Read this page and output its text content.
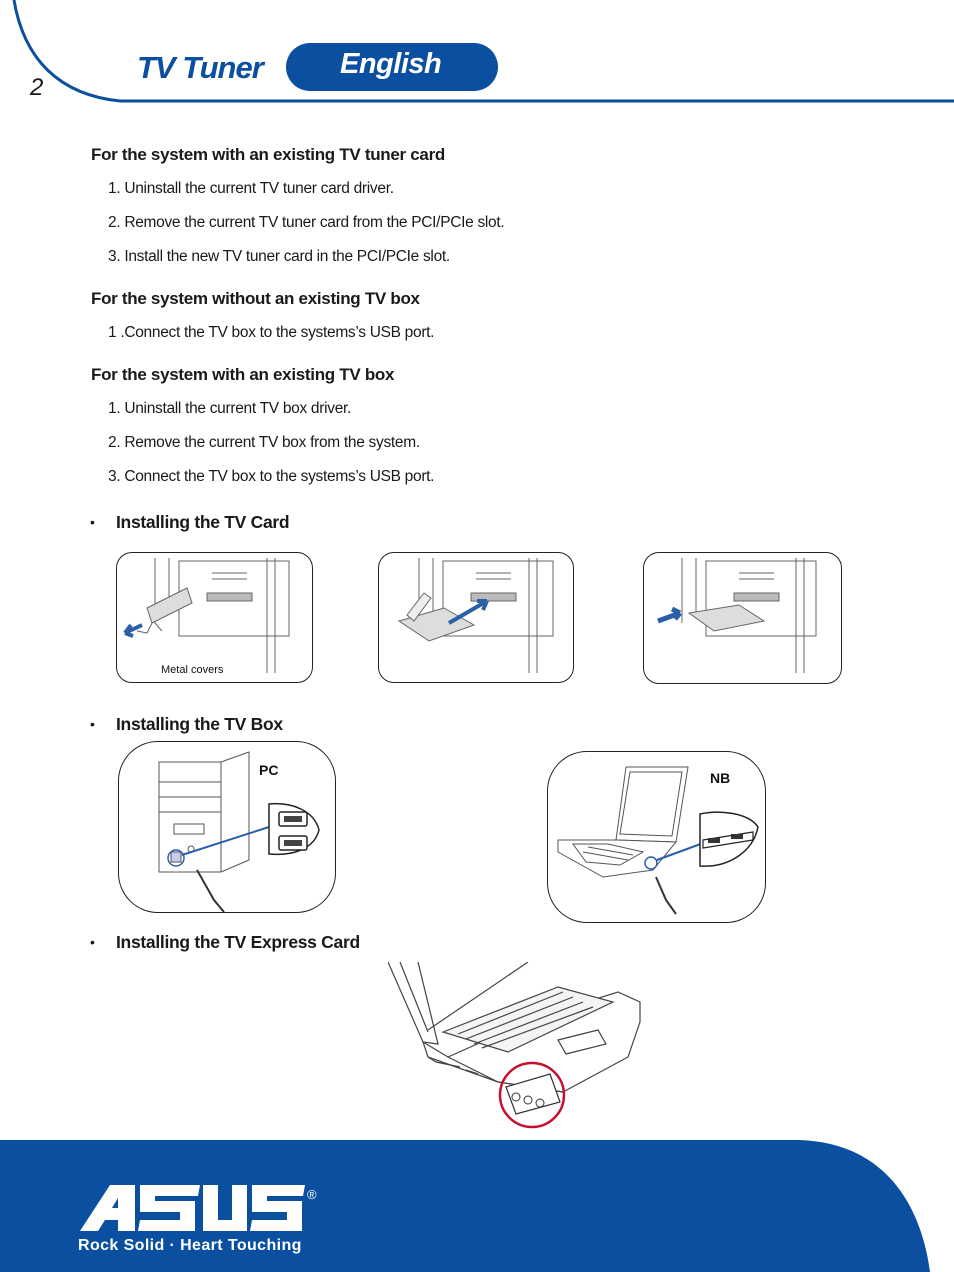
2
TV Tuner	English
For the system with an existing TV tuner card
1. Uninstall the current TV tuner card driver.
2. Remove the current TV tuner card from the PCI/PCIe slot.
3. Install the new TV tuner card in the PCI/PCIe slot.
For the system without an existing TV box
1 .Connect the TV box to the systems’s USB port.
For the system with an existing TV box
1. Uninstall the current TV box driver.
2. Remove the current TV box from the system.
3. Connect the TV box to the systems’s USB port.
• Installing the TV Card
Metal covers
• Installing the TV Box
PC	NB
• Installing the TV Express Card
®
Rock Solid · Heart Touching
